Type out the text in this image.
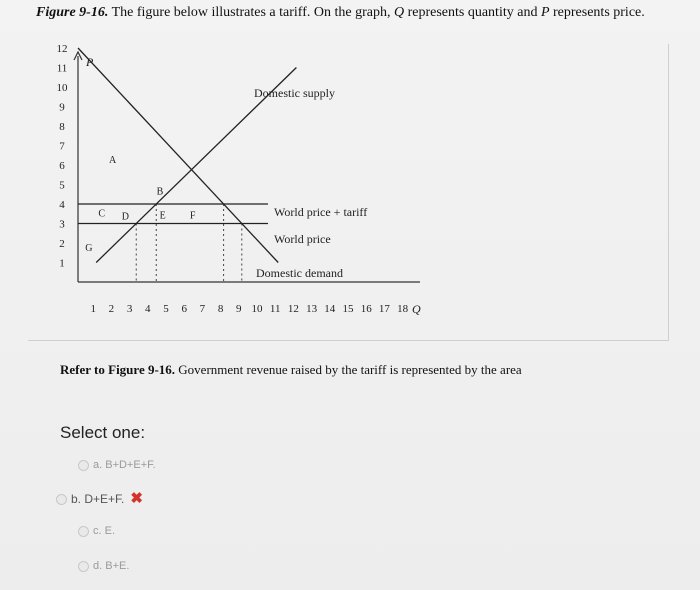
Figure 9-16. The figure below illustrates a tariff. On the graph, Q represents quantity and P represents price.
P
1
2
3
4
5
6
7
8
9
10
11
12
1 2 3 4 5 6 7 8 9 10 11 12 13 14 15 16 17 18 Q
Domestic supply
World price + tariff
World price
Domestic demand
A
B
C D	E F
G
Refer to Figure 9-16. Government revenue raised by the tariff is represented by the area
Select one:
a. B+D+E+F.
b. D+E+F. ✖
c. E.
d. B+E.
